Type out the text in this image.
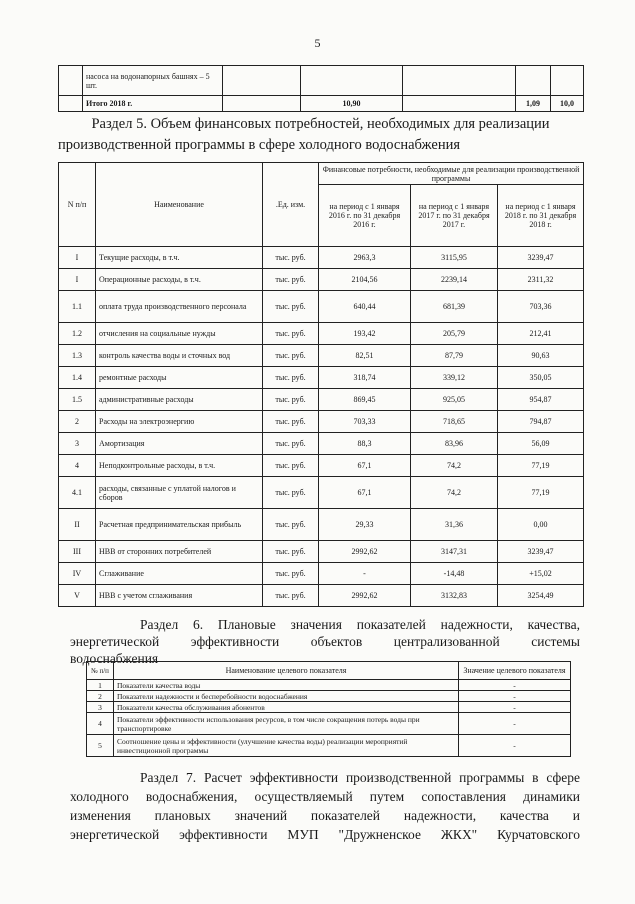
5
	насоса на водонапорных башнях – 5 шт.					
	Итого 2018 г.		10,90		1,09	10,0
Раздел 5. Объем финансовых потребностей, необходимых для реализации
производственной программы в сфере холодного водоснабжения
N п/п	Наименование	.Ед. изм.	Финансовые потребности, необходимые для реализации производственной программы		
			на период с 1 января 2016 г. по 31 декабря 2016 г.	на период с 1 января 2017 г. по 31 декабря 2017 г.	на период с 1 января 2018 г. по 31 декабря 2018 г.
I	Текущие расходы, в т.ч.	тыс. руб.	2963,3	3115,95	3239,47
I	Операционные расходы, в т.ч.	тыс. руб.	2104,56	2239,14	2311,32
1.1	оплата труда производственного персонала	тыс. руб.	640,44	681,39	703,36
1.2	отчисления на социальные нужды	тыс. руб.	193,42	205,79	212,41
1.3	контроль качества воды и сточных вод	тыс. руб.	82,51	87,79	90,63
1.4	ремонтные расходы	тыс. руб.	318,74	339,12	350,05
1.5	административные расходы	тыс. руб.	869,45	925,05	954,87
2	Расходы на электроэнергию	тыс. руб.	703,33	718,65	794,87
3	Амортизация	тыс. руб.	88,3	83,96	56,09
4	Неподконтрольные расходы, в т.ч.	тыс. руб.	67,1	74,2	77,19
4.1	расходы, связанные с уплатой налогов и сборов	тыс. руб.	67,1	74,2	77,19
II	Расчетная предпринимательская прибыль	тыс. руб.	29,33	31,36	0,00
III	НВВ от сторонних потребителей	тыс. руб.	2992,62	3147,31	3239,47
IV	Сглаживание	тыс. руб.	-	-14,48	+15,02
V	НВВ с учетом сглаживания	тыс. руб.	2992,62	3132,83	3254,49
Раздел 6. Плановые значения показателей надежности, качества,
энергетической эффективности объектов централизованной системы
водоснабжения
№ п/п	Наименование целевого показателя	Значение целевого показателя
1	Показатели качества воды	-
2	Показатели надежности и бесперебойности водоснабжения	-
3	Показатели качества обслуживания абонентов	-
4	Показатели эффективности использования ресурсов, в том числе сокращения потерь воды при транспортировке	-
5	Соотношение цены и эффективности (улучшение качества воды) реализации мероприятий инвестиционной программы	-
Раздел 7. Расчет эффективности производственной программы в сфере
холодного водоснабжения, осуществляемый путем сопоставления динамики
изменения плановых значений показателей надежности, качества и
энергетической эффективности МУП "Дружненское ЖКХ" Курчатовского
